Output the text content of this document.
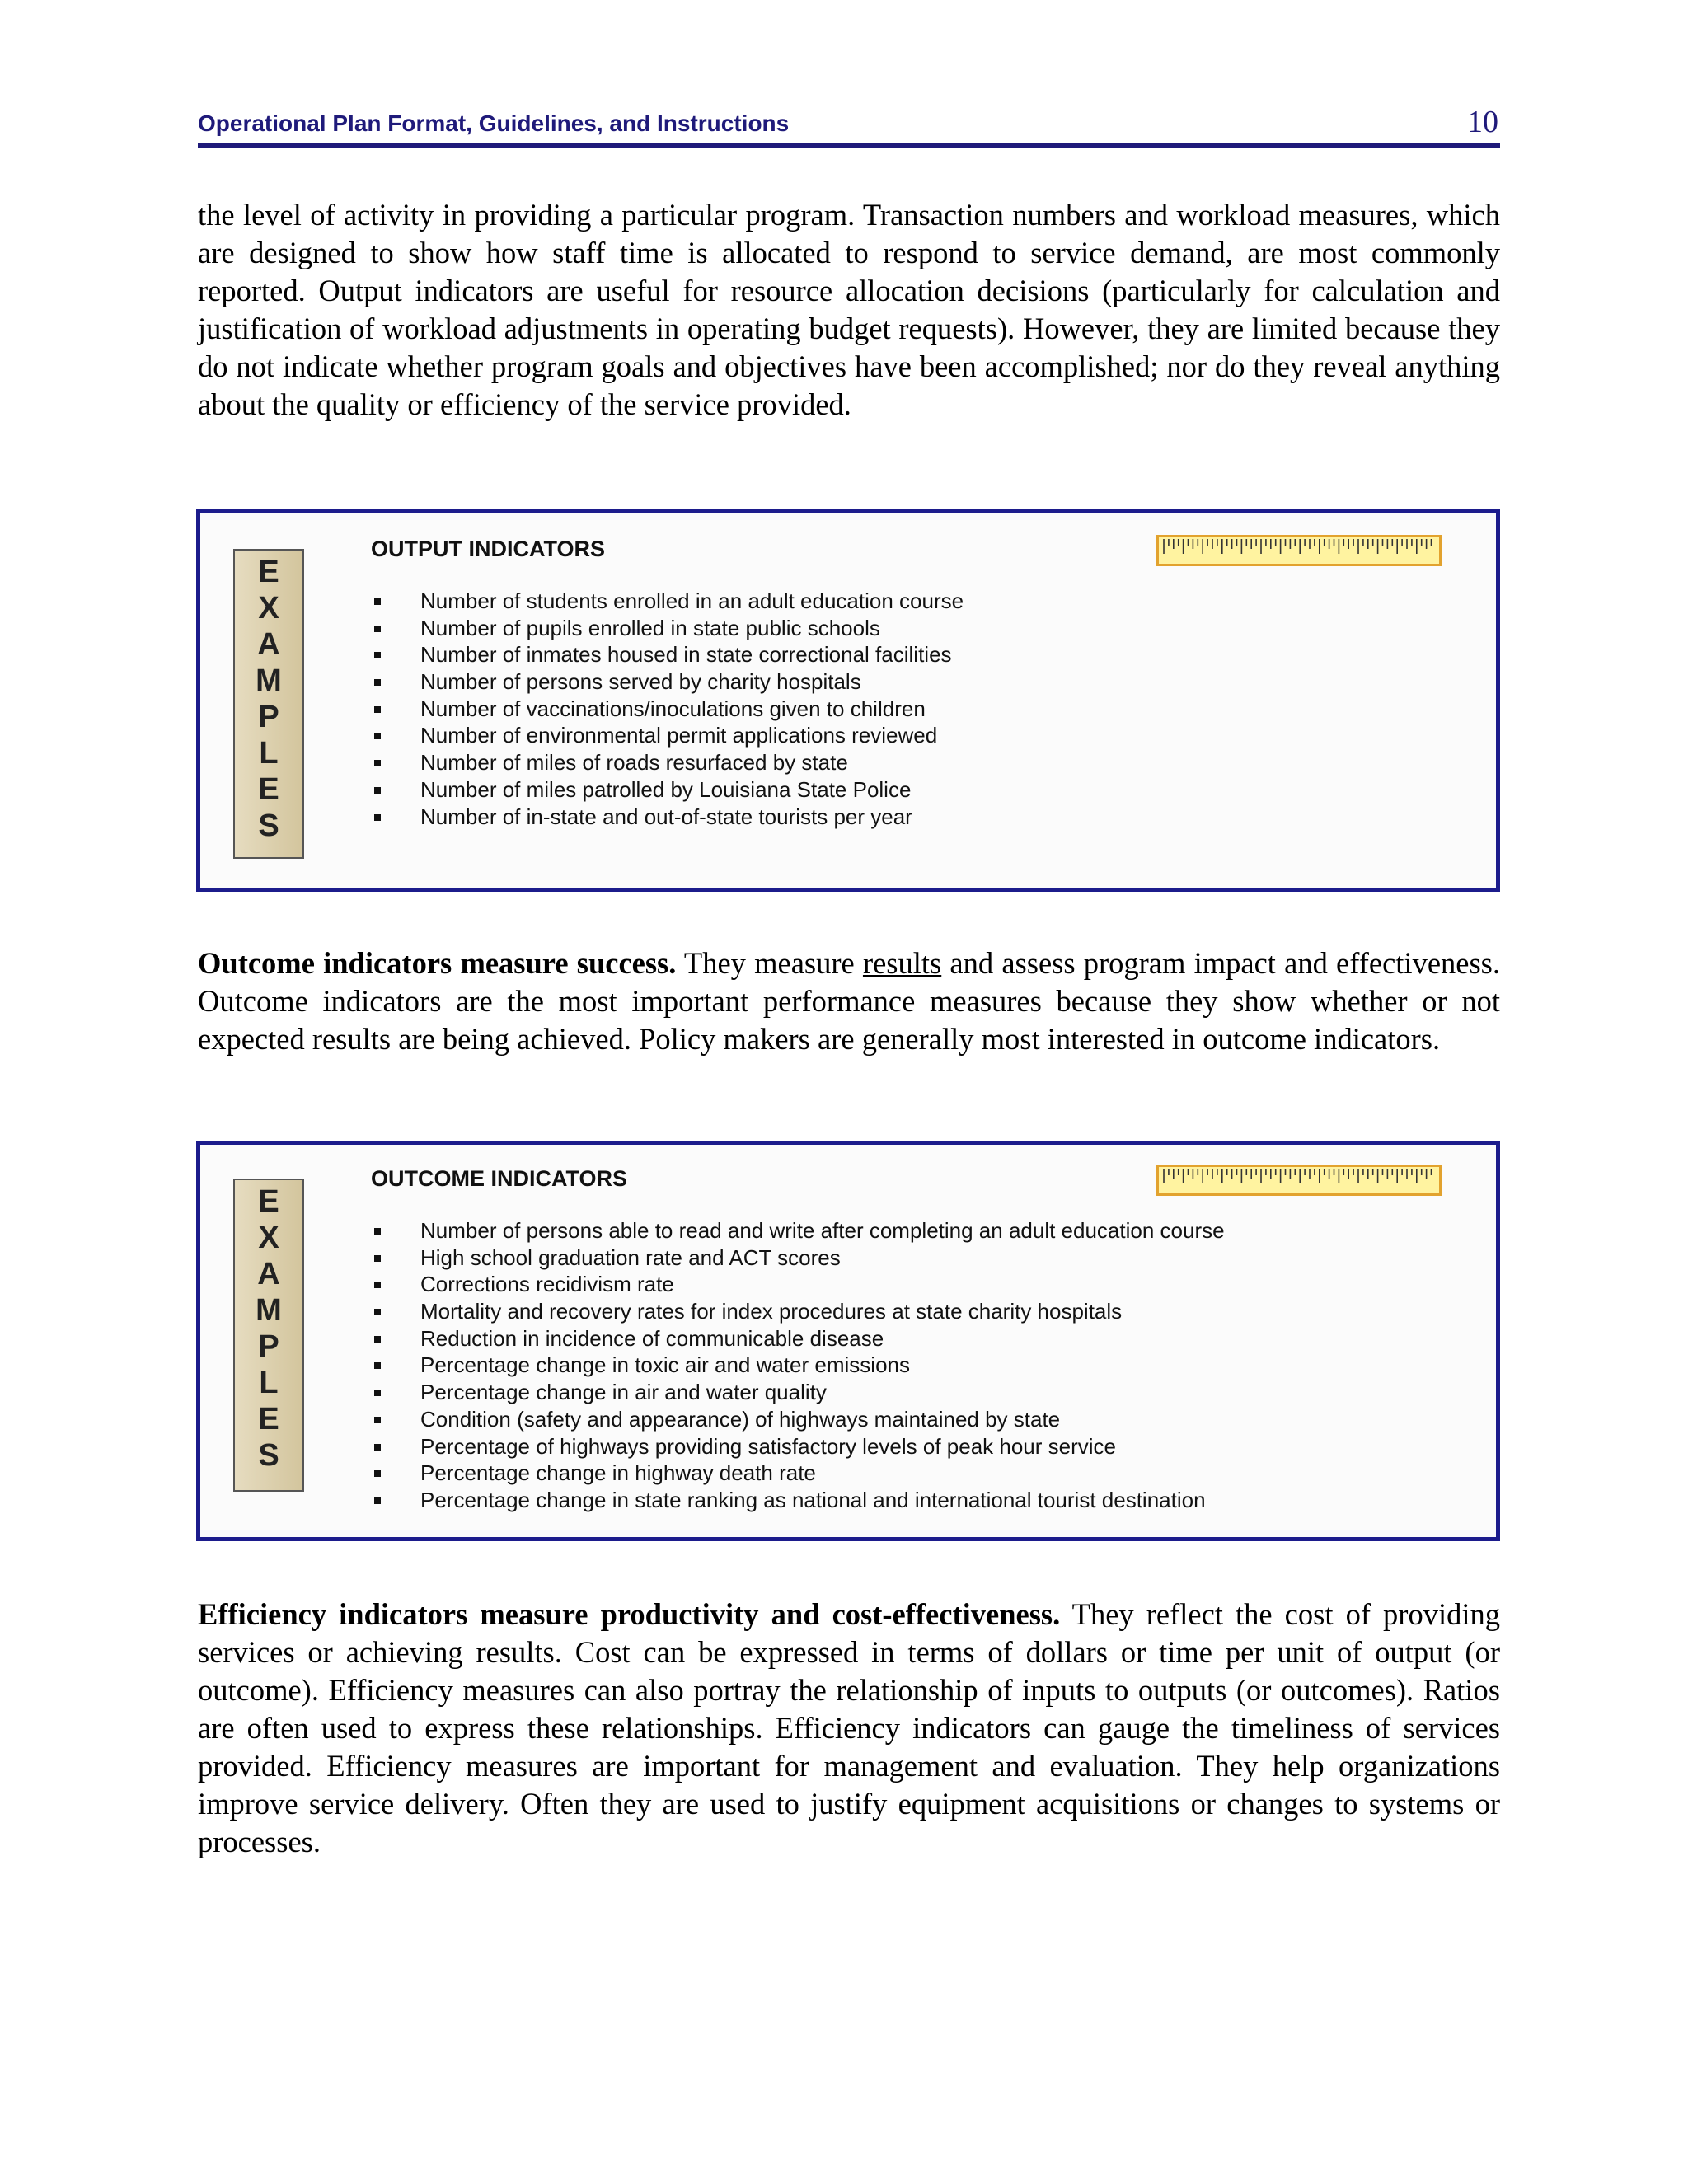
Operational Plan Format, Guidelines, and Instructions	10

the level of activity in providing a particular program. Transaction numbers and workload measures, which are designed to show how staff time is allocated to respond to service demand, are most commonly reported. Output indicators are useful for resource allocation decisions (particularly for calculation and justification of workload adjustments in operating budget requests). However, they are limited because they do not indicate whether program goals and objectives have been accomplished; nor do they reveal anything about the quality or efficiency of the service provided.

E
X
A
M
P
L
E
S
OUTPUT INDICATORS
Number of students enrolled in an adult education course
Number of pupils enrolled in state public schools
Number of inmates housed in state correctional facilities
Number of persons served by charity hospitals
Number of vaccinations/inoculations given to children
Number of environmental permit applications reviewed
Number of miles of roads resurfaced by state
Number of miles patrolled by Louisiana State Police
Number of in-state and out-of-state tourists per year

Outcome indicators measure success. They measure results and assess program impact and effectiveness. Outcome indicators are the most important performance measures because they show whether or not expected results are being achieved. Policy makers are generally most interested in outcome indicators.

E
X
A
M
P
L
E
S
OUTCOME INDICATORS
Number of persons able to read and write after completing an adult education course
High school graduation rate and ACT scores
Corrections recidivism rate
Mortality and recovery rates for index procedures at state charity hospitals
Reduction in incidence of communicable disease
Percentage change in toxic air and water emissions
Percentage change in air and water quality
Condition (safety and appearance) of highways maintained by state
Percentage of highways providing satisfactory levels of peak hour service
Percentage change in highway death rate
Percentage change in state ranking as national and international tourist destination

Efficiency indicators measure productivity and cost-effectiveness. They reflect the cost of providing services or achieving results. Cost can be expressed in terms of dollars or time per unit of output (or outcome). Efficiency measures can also portray the relationship of inputs to outputs (or outcomes). Ratios are often used to express these relationships. Efficiency indicators can gauge the timeliness of services provided. Efficiency measures are important for management and evaluation. They help organizations improve service delivery. Often they are used to justify equipment acquisitions or changes to systems or processes.
